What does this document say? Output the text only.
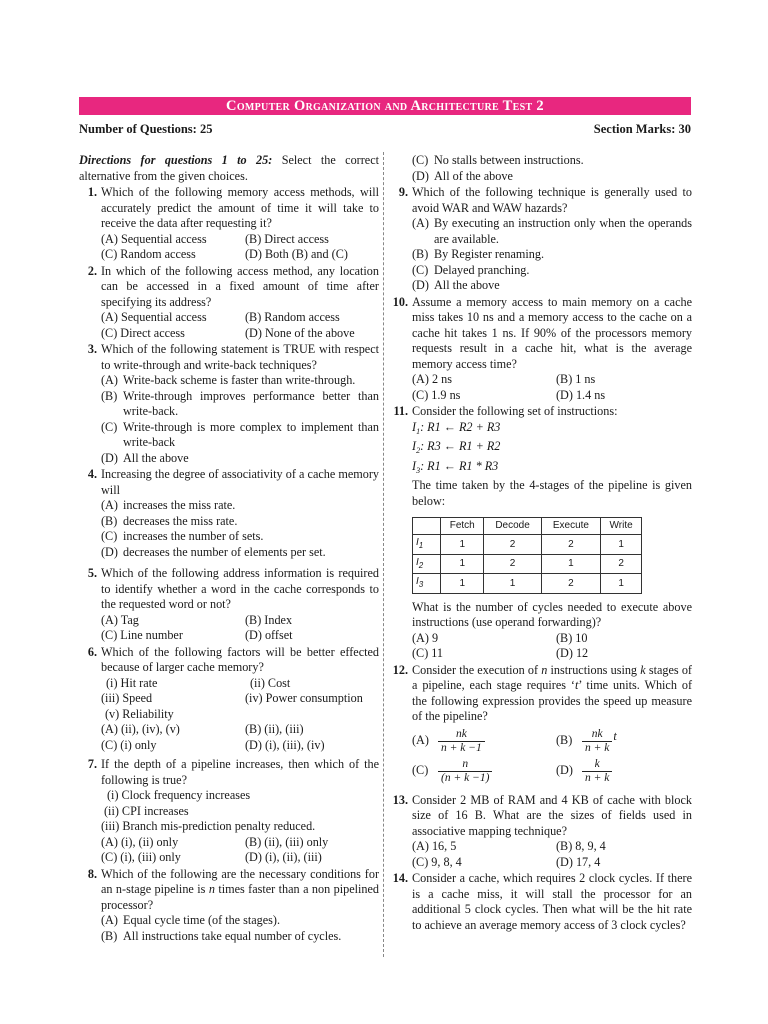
Computer Organization and Architecture Test 2
Number of Questions: 25	Section Marks: 30
Directions for questions 1 to 25: Select the correct alternative from the given choices.
1. Which of the following memory access methods, will accurately predict the amount of time it will take to receive the data after requesting it?
(A) Sequential access	(B) Direct access
(C) Random access	(D) Both (B) and (C)
2. In which of the following access method, any location can be accessed in a fixed amount of time after specifying its address?
(A) Sequential access	(B) Random access
(C) Direct access	(D) None of the above
3. Which of the following statement is TRUE with respect to write-through and write-back techniques?
(A) Write-back scheme is faster than write-through.
(B) Write-through improves performance better than write-back.
(C) Write-through is more complex to implement than write-back
(D) All the above
4. Increasing the degree of associativity of a cache memory will
(A) increases the miss rate.
(B) decreases the miss rate.
(C) increases the number of sets.
(D) decreases the number of elements per set.
5. Which of the following address information is required to identify whether a word in the cache corresponds to the requested word or not?
(A) Tag	(B) Index
(C) Line number	(D) offset
6. Which of the following factors will be better effected because of larger cache memory?
(i) Hit rate	(ii) Cost
(iii) Speed	(iv) Power consumption
(v) Reliability
(A) (ii), (iv), (v)	(B) (ii), (iii)
(C) (i) only	(D) (i), (iii), (iv)
7. If the depth of a pipeline increases, then which of the following is true?
(i) Clock frequency increases
(ii) CPI increases
(iii) Branch mis-prediction penalty reduced.
(A) (i), (ii) only	(B) (ii), (iii) only
(C) (i), (iii) only	(D) (i), (ii), (iii)
8. Which of the following are the necessary conditions for an n-stage pipeline is n times faster than a non pipelined processor?
(A) Equal cycle time (of the stages).
(B) All instructions take equal number of cycles.
(C) No stalls between instructions.
(D) All of the above
9. Which of the following technique is generally used to avoid WAR and WAW hazards?
(A) By executing an instruction only when the operands are available.
(B) By Register renaming.
(C) Delayed pranching.
(D) All the above
10. Assume a memory access to main memory on a cache miss takes 10 ns and a memory access to the cache on a cache hit takes 1 ns. If 90% of the processors memory requests result in a cache hit, what is the average memory access time?
(A) 2 ns	(B) 1 ns
(C) 1.9 ns	(D) 1.4 ns
11. Consider the following set of instructions:
$I_1$: R1 ← R2 + R3
$I_2$: R3 ← R1 + R2
$I_3$: R1 ← R1 * R3
The time taken by the 4-stages of the pipeline is given below:
	Fetch	Decode	Execute	Write
$I_1$	1	2	2	1
$I_2$	1	2	1	2
$I_3$	1	1	2	1
What is the number of cycles needed to execute above instructions (use operand forwarding)?
(A) 9	(B) 10
(C) 11	(D) 12
12. Consider the execution of n instructions using k stages of a pipeline, each stage requires ‘t’ time units. Which of the following expression provides the speed up measure of the pipeline?
$(A) \frac{nk}{n + k -1}$	$(B) \frac{nk}{n + k}$ t
$(C) \frac{n}{(n + k -1)}$	$(D) \frac{k}{n + k}$
13. Consider 2 MB of RAM and 4 KB of cache with block size of 16 B. What are the sizes of fields used in associative mapping technique?
(A) 16, 5	(B) 8, 9, 4
(C) 9, 8, 4	(D) 17, 4
14. Consider a cache, which requires 2 clock cycles. If there is a cache miss, it will stall the processor for an additional 5 clock cycles. Then what will be the hit rate to achieve an average memory access of 3 clock cycles?
